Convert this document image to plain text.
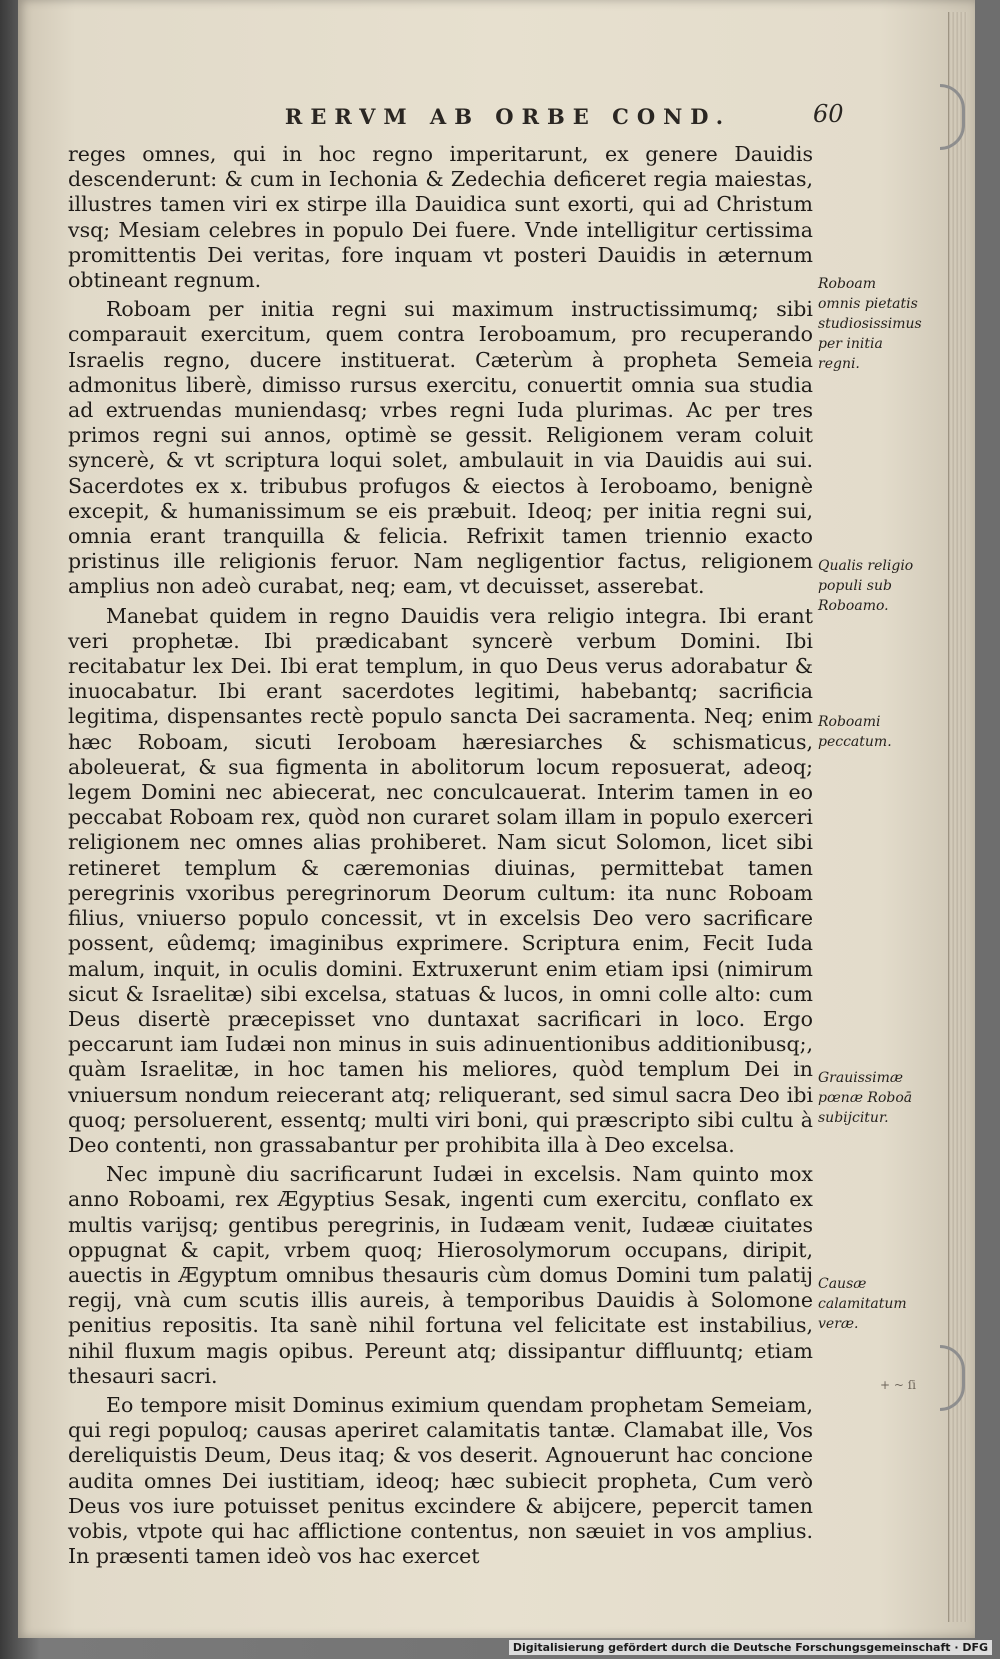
RERVM AB ORBE COND.	60

reges omnes, qui in hoc regno imperitarunt, ex genere Dauidis descenderunt: & cum in Iechonia & Zedechia deficeret regia maiestas, illustres tamen viri ex stirpe illa Dauidica sunt exorti, qui ad Christum vsq; Mesiam celebres in populo Dei fuere. Vnde intelligitur certissima promittentis Dei veritas, fore inquam vt posteri Dauidis in æternum obtineant regnum.

Roboam per initia regni sui maximum instructissimumq; sibi comparauit exercitum, quem contra Ieroboamum, pro recuperando Israelis regno, ducere instituerat. Cæterùm à propheta Semeia admonitus liberè, dimisso rursus exercitu, conuertit omnia sua studia ad extruendas muniendasq; vrbes regni Iuda plurimas. Ac per tres primos regni sui annos, optimè se gessit. Religionem veram coluit syncerè, & vt scriptura loqui solet, ambulauit in via Dauidis aui sui. Sacerdotes ex x. tribubus profugos & eiectos à Ieroboamo, benignè excepit, & humanissimum se eis præbuit. Ideoq; per initia regni sui, omnia erant tranquilla & felicia. Refrixit tamen triennio exacto pristinus ille religionis feruor. Nam negligentior factus, religionem amplius non adeò curabat, neq; eam, vt decuisset, asserebat.

Manebat quidem in regno Dauidis vera religio integra. Ibi erant veri prophetæ. Ibi prædicabant syncerè verbum Domini. Ibi recitabatur lex Dei. Ibi erat templum, in quo Deus verus adorabatur & inuocabatur. Ibi erant sacerdotes legitimi, habebantq; sacrificia legitima, dispensantes rectè populo sancta Dei sacramenta. Neq; enim hæc Roboam, sicuti Ieroboam hæresiarches & schismaticus, aboleuerat, & sua figmenta in abolitorum locum reposuerat, adeoq; legem Domini nec abiecerat, nec conculcauerat. Interim tamen in eo peccabat Roboam rex, quòd non curaret solam illam in populo exerceri religionem nec omnes alias prohiberet. Nam sicut Solomon, licet sibi retineret templum & cæremonias diuinas, permittebat tamen peregrinis vxoribus peregrinorum Deorum cultum: ita nunc Roboam filius, vniuerso populo concessit, vt in excelsis Deo vero sacrificare possent, eûdemq; imaginibus exprimere. Scriptura enim, Fecit Iuda malum, inquit, in oculis domini. Extruxerunt enim etiam ipsi (nimirum sicut & Israelitæ) sibi excelsa, statuas & lucos, in omni colle alto: cum Deus disertè præcepisset vno duntaxat sacrificari in loco. Ergo peccarunt iam Iudæi non minus in suis adinuentionibus additionibusq;, quàm Israelitæ, in hoc tamen his meliores, quòd templum Dei in vniuersum nondum reiecerant atq; reliquerant, sed simul sacra Deo ibi quoq; persoluerent, essentq; multi viri boni, qui præscripto sibi cultu à Deo contenti, non grassabantur per prohibita illa à Deo excelsa.

Nec impunè diu sacrificarunt Iudæi in excelsis. Nam quinto mox anno Roboami, rex Ægyptius Sesak, ingenti cum exercitu, conflato ex multis varijsq; gentibus peregrinis, in Iudæam venit, Iudææ ciuitates oppugnat & capit, vrbem quoq; Hierosolymorum occupans, diripit, auectis in Ægyptum omnibus thesauris cùm domus Domini tum palatij regij, vnà cum scutis illis aureis, à temporibus Dauidis à Solomone penitius repositis. Ita sanè nihil fortuna vel felicitate est instabilius, nihil fluxum magis opibus. Pereunt atq; dissipantur diffluuntq; etiam thesauri sacri.

Eo tempore misit Dominus eximium quendam prophetam Semeiam, qui regi populoq; causas aperiret calamitatis tantæ. Clamabat ille, Vos dereliquistis Deum, Deus itaq; & vos deserit. Agnouerunt hac concione audita omnes Dei iustitiam, ideoq; hæc subiecit propheta, Cum verò Deus vos iure potuisset penitus excindere & abijcere, pepercit tamen vobis, vtpote qui hac afflictione contentus, non sæuiet in vos amplius. In præsenti tamen ideò vos hac exercet

Roboam omnis pietatis studiosissimus per initia regni.
Qualis religio populi sub Roboamo.
Roboami peccatum.
Grauissimæ pœnæ Roboā subijcitur.
Causæ calamitatum veræ.
+ ~ ſi
Digitalisierung gefördert durch die Deutsche Forschungsgemeinschaft · DFG
